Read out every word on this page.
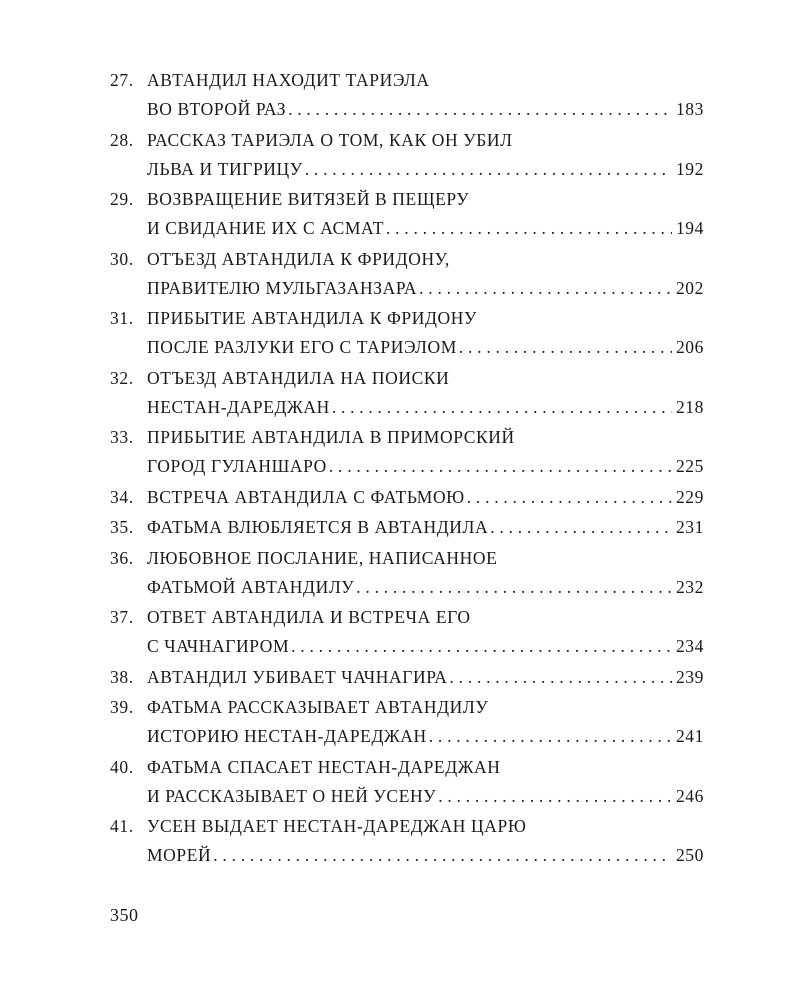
27. АВТАНДИЛ НАХОДИТ ТАРИЭЛА
ВО ВТОРОЙ РАЗ . . .	183
28. РАССКАЗ ТАРИЭЛА О ТОМ, КАК ОН УБИЛ
ЛЬВА И ТИГРИЦУ . . .	192
29. ВОЗВРАЩЕНИЕ ВИТЯЗЕЙ В ПЕЩЕРУ
И СВИДАНИЕ ИХ С АСМАТ . . .	194
30. ОТЪЕЗД АВТАНДИЛА К ФРИДОНУ,
ПРАВИТЕЛЮ МУЛЬГАЗАНЗАРА . . .	202
31. ПРИБЫТИЕ АВТАНДИЛА К ФРИДОНУ
ПОСЛЕ РАЗЛУКИ ЕГО С ТАРИЭЛОМ . . .	206
32. ОТЪЕЗД АВТАНДИЛА НА ПОИСКИ
НЕСТАН-ДАРЕДЖАН . . .	218
33. ПРИБЫТИЕ АВТАНДИЛА В ПРИМОРСКИЙ
ГОРОД ГУЛАНШАРО . . .	225
34. ВСТРЕЧА АВТАНДИЛА С ФАТЬМОЮ . . .	229
35. ФАТЬМА ВЛЮБЛЯЕТСЯ В АВТАНДИЛА . . .	231
36. ЛЮБОВНОЕ ПОСЛАНИЕ, НАПИСАННОЕ
ФАТЬМОЙ АВТАНДИЛУ . . .	232
37. ОТВЕТ АВТАНДИЛА И ВСТРЕЧА ЕГО
С ЧАЧНАГИРОМ . . .	234
38. АВТАНДИЛ УБИВАЕТ ЧАЧНАГИРА . . .	239
39. ФАТЬМА РАССКАЗЫВАЕТ АВТАНДИЛУ
ИСТОРИЮ НЕСТАН-ДАРЕДЖАН . . .	241
40. ФАТЬМА СПАСАЕТ НЕСТАН-ДАРЕДЖАН
И РАССКАЗЫВАЕТ О НЕЙ УСЕНУ . . .	246
41. УСЕН ВЫДАЕТ НЕСТАН-ДАРЕДЖАН ЦАРЮ
МОРЕЙ . . .	250
350
